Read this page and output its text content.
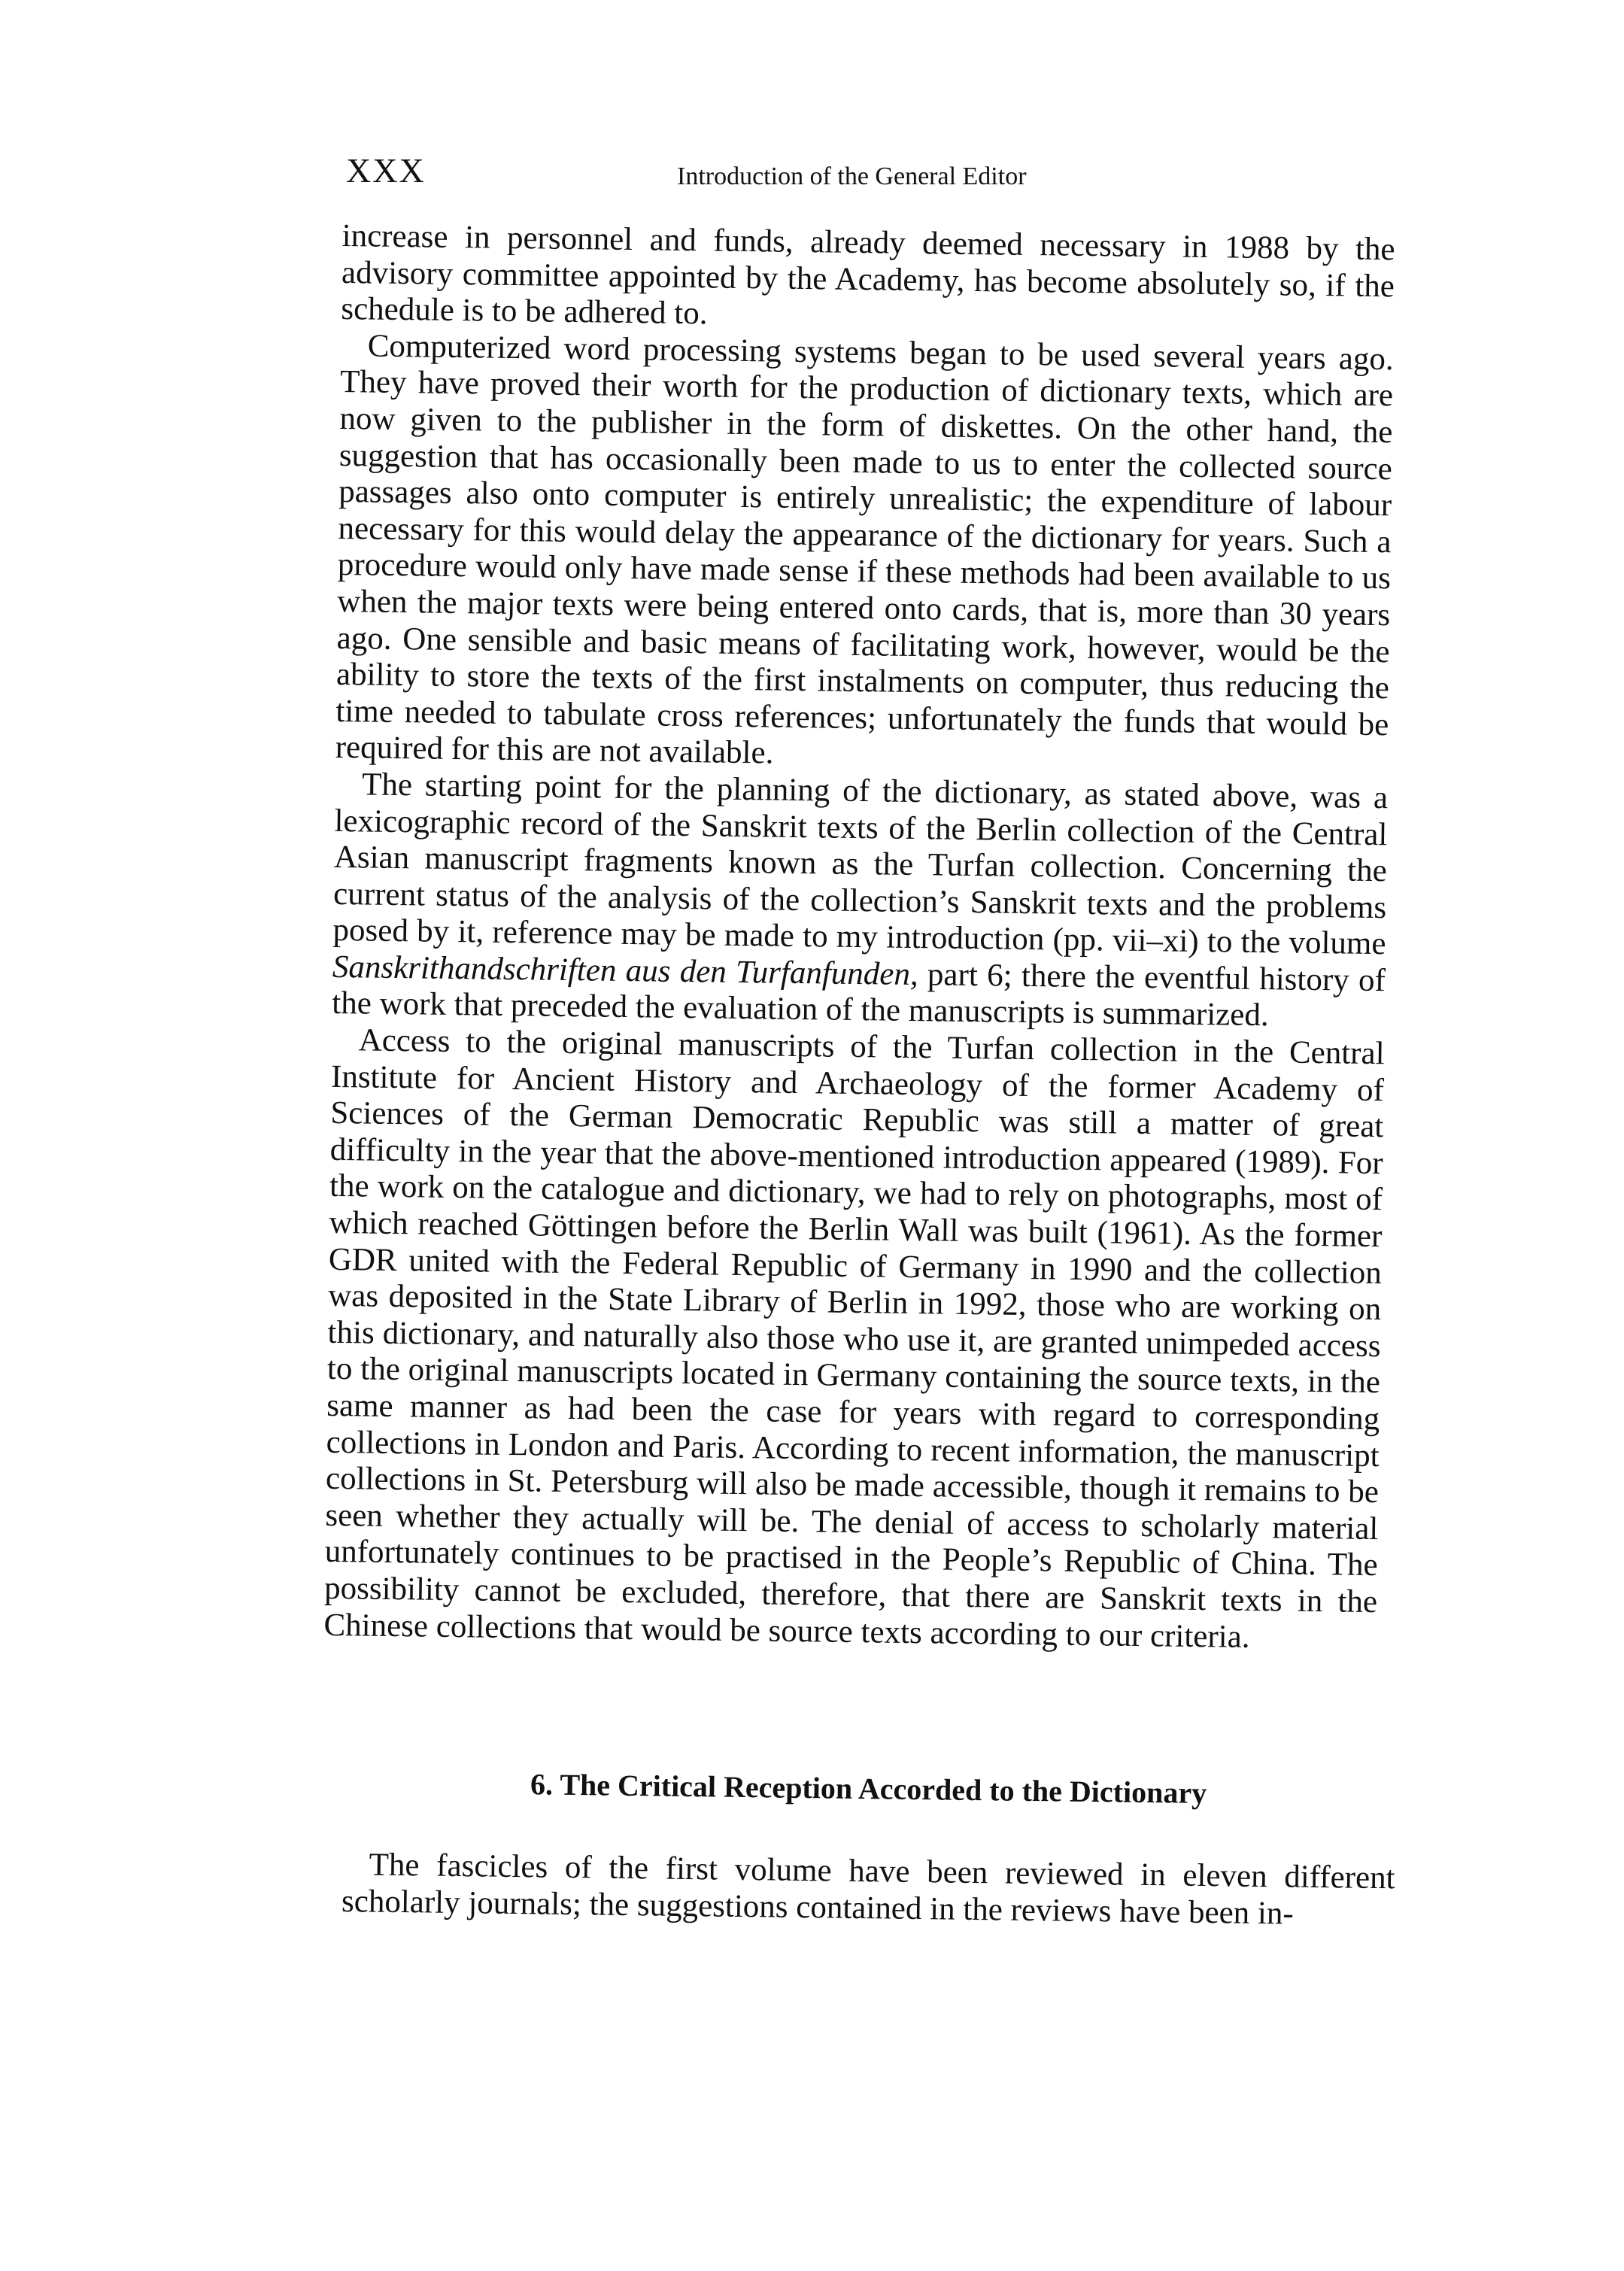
XXX	Introduction of the General Editor

increase in personnel and funds, already deemed necessary in 1988 by the advisory committee appointed by the Academy, has become absolutely so, if the schedule is to be adhered to.

Computerized word processing systems began to be used several years ago. They have proved their worth for the production of dictionary texts, which are now given to the publisher in the form of diskettes. On the other hand, the suggestion that has occasionally been made to us to enter the collected source passages also onto computer is entirely unrealistic; the expenditure of labour necessary for this would delay the appearance of the dictionary for years. Such a procedure would only have made sense if these methods had been available to us when the major texts were being entered onto cards, that is, more than 30 years ago. One sensible and basic means of facilitating work, however, would be the ability to store the texts of the first instalments on computer, thus reducing the time needed to tabulate cross references; unfortunately the funds that would be required for this are not available.

The starting point for the planning of the dictionary, as stated above, was a lexicographic record of the Sanskrit texts of the Berlin collection of the Central Asian manuscript fragments known as the Turfan collection. Concerning the current status of the analysis of the collection’s Sanskrit texts and the problems posed by it, reference may be made to my introduction (pp. vii–xi) to the volume Sanskrithandschriften aus den Turfanfunden, part 6; there the eventful history of the work that preceded the evaluation of the manuscripts is summarized.

Access to the original manuscripts of the Turfan collection in the Central Institute for Ancient History and Archaeology of the former Academy of Sciences of the German Democratic Republic was still a matter of great difficulty in the year that the above-mentioned introduction appeared (1989). For the work on the catalogue and dictionary, we had to rely on photographs, most of which reached Göttingen before the Berlin Wall was built (1961). As the former GDR united with the Federal Republic of Germany in 1990 and the collection was deposited in the State Library of Berlin in 1992, those who are working on this dictionary, and naturally also those who use it, are granted unimpeded access to the original manuscripts located in Germany containing the source texts, in the same manner as had been the case for years with regard to corresponding collections in London and Paris. According to recent information, the manuscript collections in St. Petersburg will also be made accessible, though it remains to be seen whether they actually will be. The denial of access to scholarly material unfortunately continues to be practised in the People’s Republic of China. The possibility cannot be excluded, therefore, that there are Sanskrit texts in the Chinese collections that would be source texts according to our criteria.

6. The Critical Reception Accorded to the Dictionary

The fascicles of the first volume have been reviewed in eleven different scholarly journals; the suggestions contained in the reviews have been in-
